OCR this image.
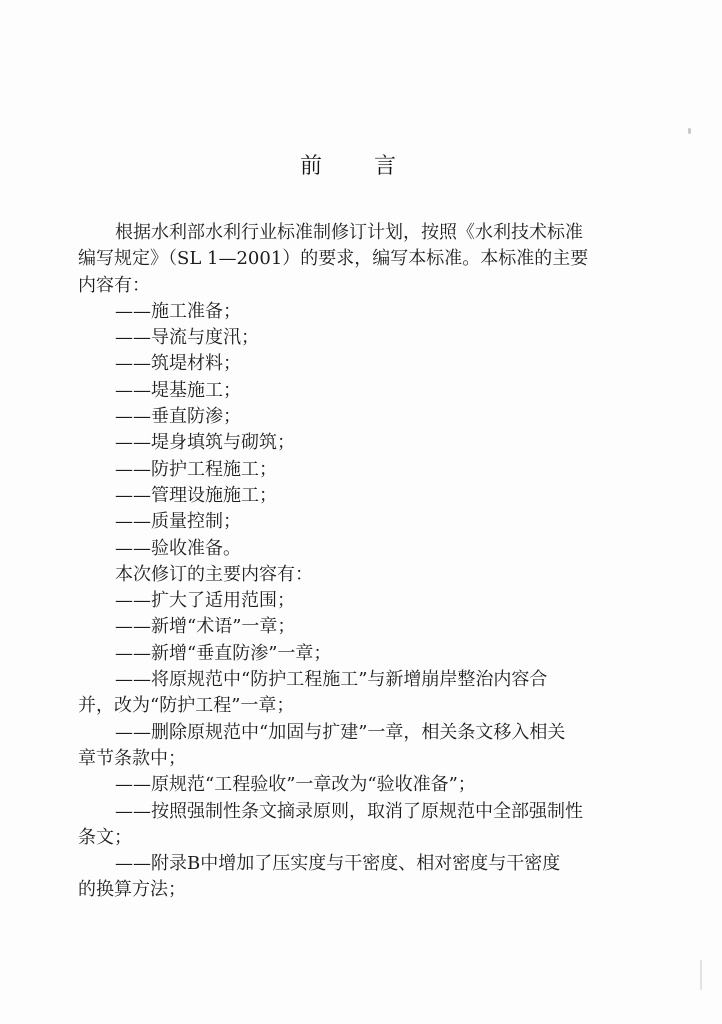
前言
根据水利部水利行业标准制修订计划，按照《水利技术标准
编写规定》（SL 1—2001）的要求，编写本标准。本标准的主要
内容有：
——施工准备；
——导流与度汛；
——筑堤材料；
——堤基施工；
——垂直防渗；
——堤身填筑与砌筑；
——防护工程施工；
——管理设施施工；
——质量控制；
——验收准备。
本次修订的主要内容有：
——扩大了适用范围；
——新增“术语”一章；
——新增“垂直防渗”一章；
——将原规范中“防护工程施工”与新增崩岸整治内容合
并，改为“防护工程”一章；
——删除原规范中“加固与扩建”一章，相关条文移入相关
章节条款中；
——原规范“工程验收”一章改为“验收准备”；
——按照强制性条文摘录原则，取消了原规范中全部强制性
条文；
——附录B中增加了压实度与干密度、相对密度与干密度
的换算方法；
